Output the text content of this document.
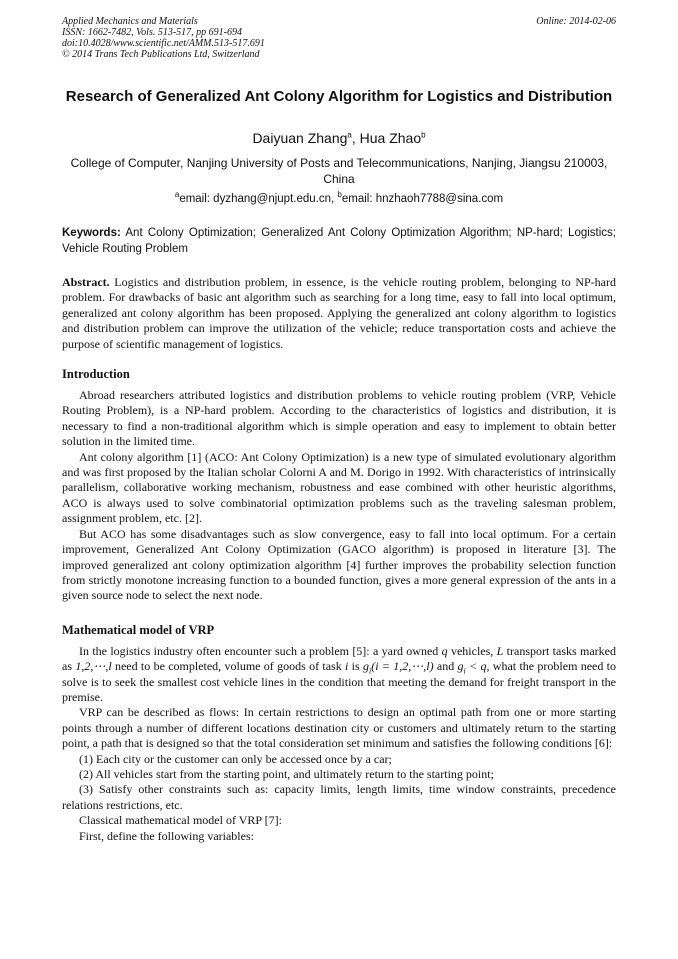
Applied Mechanics and Materials
ISSN: 1662-7482, Vols. 513-517, pp 691-694
doi:10.4028/www.scientific.net/AMM.513-517.691
© 2014 Trans Tech Publications Ltd, Switzerland
Online: 2014-02-06
Research of Generalized Ant Colony Algorithm for Logistics and Distribution
Daiyuan Zhang$^a$, Hua Zhao$^b$
College of Computer, Nanjing University of Posts and Telecommunications, Nanjing, Jiangsu 210003, China
$^a$email: dyzhang@njupt.edu.cn, $^b$email: hnzhaoh7788@sina.com
Keywords: Ant Colony Optimization; Generalized Ant Colony Optimization Algorithm; NP-hard; Logistics; Vehicle Routing Problem

Abstract. Logistics and distribution problem, in essence, is the vehicle routing problem, belonging to NP-hard problem. For drawbacks of basic ant algorithm such as searching for a long time, easy to fall into local optimum, generalized ant colony algorithm has been proposed. Applying the generalized ant colony algorithm to logistics and distribution problem can improve the utilization of the vehicle; reduce transportation costs and achieve the purpose of scientific management of logistics.

Introduction

Abroad researchers attributed logistics and distribution problems to vehicle routing problem (VRP, Vehicle Routing Problem), is a NP-hard problem. According to the characteristics of logistics and distribution, it is necessary to find a non-traditional algorithm which is simple operation and easy to implement to obtain better solution in the limited time.

Ant colony algorithm [1] (ACO: Ant Colony Optimization) is a new type of simulated evolutionary algorithm and was first proposed by the Italian scholar Colorni A and M. Dorigo in 1992. With characteristics of intrinsically parallelism, collaborative working mechanism, robustness and ease combined with other heuristic algorithms, ACO is always used to solve combinatorial optimization problems such as the traveling salesman problem, assignment problem, etc. [2].

But ACO has some disadvantages such as slow convergence, easy to fall into local optimum. For a certain improvement, Generalized Ant Colony Optimization (GACO algorithm) is proposed in literature [3]. The improved generalized ant colony optimization algorithm [4] further improves the probability selection function from strictly monotone increasing function to a bounded function, gives a more general expression of the ants in a given source node to select the next node.

Mathematical model of VRP

In the logistics industry often encounter such a problem [5]: a yard owned q vehicles, L transport tasks marked as 1,2,⋯,l need to be completed, volume of goods of task i is $g_i(i$ = 1,2,⋯,l) and $g_i < q$, what the problem need to solve is to seek the smallest cost vehicle lines in the condition that meeting the demand for freight transport in the premise.

VRP can be described as flows: In certain restrictions to design an optimal path from one or more starting points through a number of different locations destination city or customers and ultimately return to the starting point, a path that is designed so that the total consideration set minimum and satisfies the following conditions [6]:

(1) Each city or the customer can only be accessed once by a car;

(2) All vehicles start from the starting point, and ultimately return to the starting point;

(3) Satisfy other constraints such as: capacity limits, length limits, time window constraints, precedence relations restrictions, etc.

Classical mathematical model of VRP [7]:

First, define the following variables:
